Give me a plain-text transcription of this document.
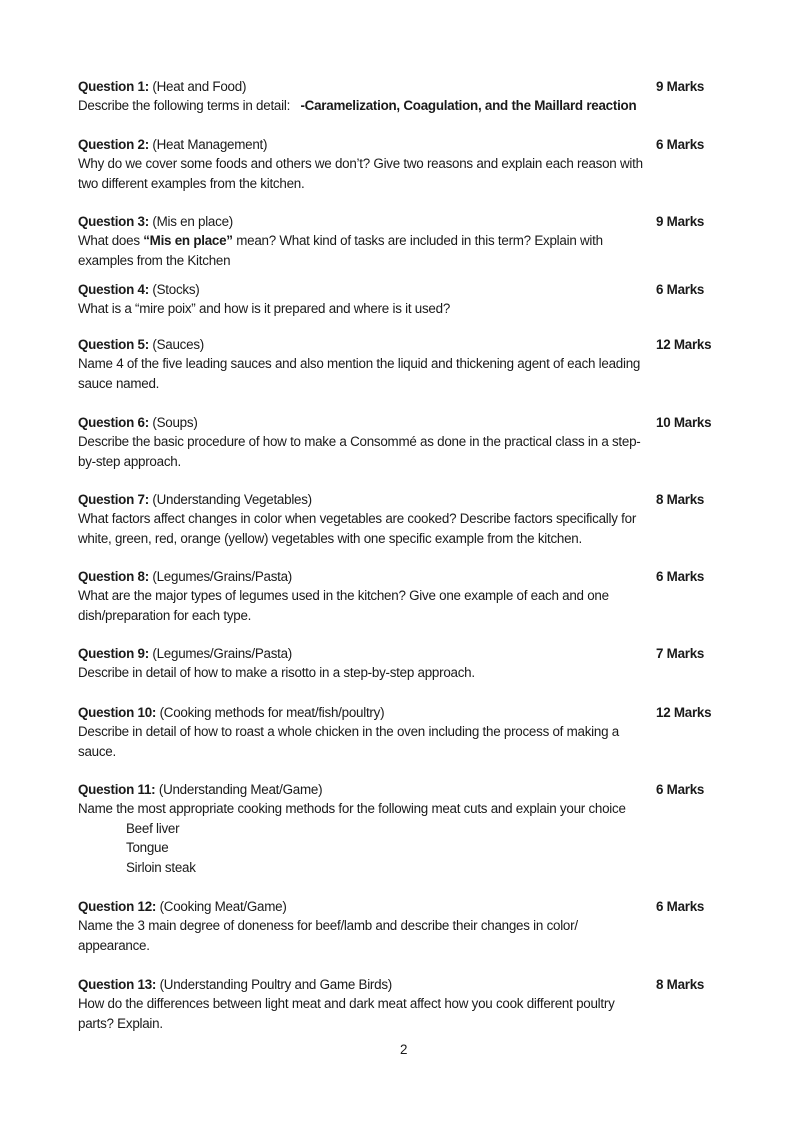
Question 1: (Heat and Food)	9 Marks
Describe the following terms in detail: -Caramelization, Coagulation, and the Maillard reaction
Question 2: (Heat Management)	6 Marks
Why do we cover some foods and others we don’t? Give two reasons and explain each reason with
two different examples from the kitchen.
Question 3: (Mis en place)	9 Marks
What does “Mis en place” mean? What kind of tasks are included in this term? Explain with
examples from the Kitchen
Question 4: (Stocks)	6 Marks
What is a “mire poix” and how is it prepared and where is it used?
Question 5: (Sauces)	12 Marks
Name 4 of the five leading sauces and also mention the liquid and thickening agent of each leading
sauce named.
Question 6: (Soups)	10 Marks
Describe the basic procedure of how to make a Consommé as done in the practical class in a step-
by-step approach.
Question 7: (Understanding Vegetables)	8 Marks
What factors affect changes in color when vegetables are cooked? Describe factors specifically for
white, green, red, orange (yellow) vegetables with one specific example from the kitchen.
Question 8: (Legumes/Grains/Pasta)	6 Marks
What are the major types of legumes used in the kitchen? Give one example of each and one
dish/preparation for each type.
Question 9: (Legumes/Grains/Pasta)	7 Marks
Describe in detail of how to make a risotto in a step-by-step approach.
Question 10: (Cooking methods for meat/fish/poultry)	12 Marks
Describe in detail of how to roast a whole chicken in the oven including the process of making a
sauce.
Question 11: (Understanding Meat/Game)	6 Marks
Name the most appropriate cooking methods for the following meat cuts and explain your choice
Beef liver
Tongue
Sirloin steak
Question 12: (Cooking Meat/Game)	6 Marks
Name the 3 main degree of doneness for beef/lamb and describe their changes in color/
appearance.
Question 13: (Understanding Poultry and Game Birds)	8 Marks
How do the differences between light meat and dark meat affect how you cook different poultry
parts? Explain.
2
